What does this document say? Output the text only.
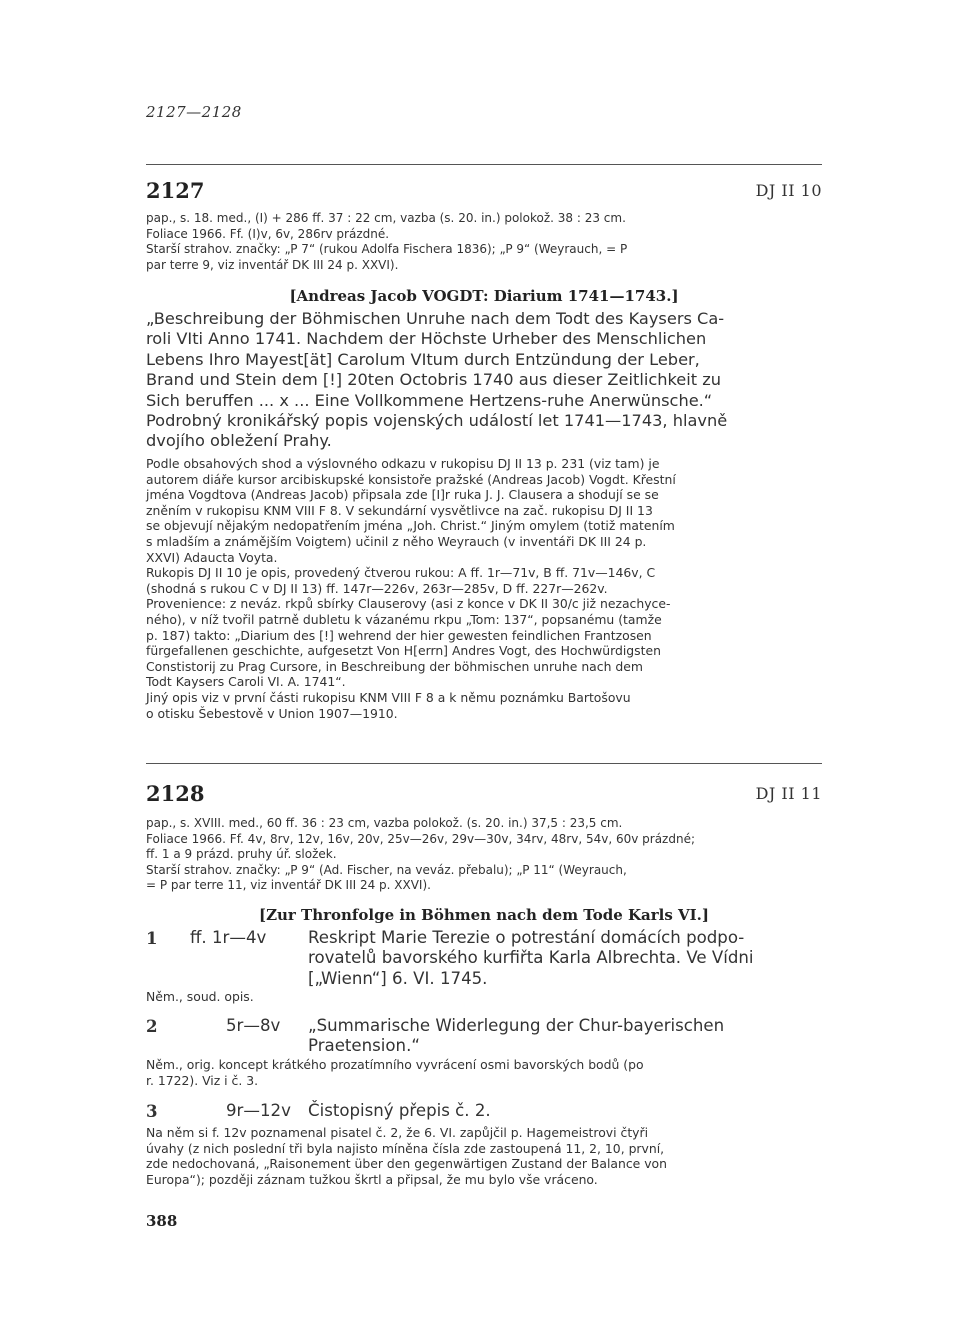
2127—2128
2127	DJ II 10
pap., s. 18. med., (I) + 286 ff. 37 : 22 cm, vazba (s. 20. in.) polokož. 38 : 23 cm.
Foliace 1966. Ff. (I)v, 6v, 286rv prázdné.
Starší strahov. značky: „P 7“ (rukou Adolfa Fischera 1836); „P 9“ (Weyrauch, = P
par terre 9, viz inventář DK III 24 p. XXVI).
[Andreas Jacob VOGDT: Diarium 1741—1743.]
„Beschreibung der Böhmischen Unruhe nach dem Todt des Kaysers Ca-
roli VIti Anno 1741. Nachdem der Höchste Urheber des Menschlichen
Lebens Ihro Mayest[ät] Carolum VItum durch Entzündung der Leber,
Brand und Stein dem [!] 20ten Octobris 1740 aus dieser Zeitlichkeit zu
Sich beruffen ... x ... Eine Vollkommene Hertzens-ruhe Anerwünsche.“
Podrobný kronikářský popis vojenských událostí let 1741—1743, hlavně
dvojího obležení Prahy.
Podle obsahových shod a výslovného odkazu v rukopisu DJ II 13 p. 231 (viz tam) je
autorem diáře kursor arcibiskupské konsistoře pražské (Andreas Jacob) Vogdt. Křestní
jména Vogdtova (Andreas Jacob) připsala zde [I]r ruka J. J. Clausera a shodují se se
zněním v rukopisu KNM VIII F 8. V sekundární vysvětlivce na zač. rukopisu DJ II 13
se objevují nějakým nedopatřením jména „Joh. Christ.“ Jiným omylem (totiž matením
s mladším a známějším Voigtem) učinil z něho Weyrauch (v inventáři DK III 24 p.
XXVI) Adaucta Voyta.
Rukopis DJ II 10 je opis, provedený čtverou rukou: A ff. 1r—71v, B ff. 71v—146v, C
(shodná s rukou C v DJ II 13) ff. 147r—226v, 263r—285v, D ff. 227r—262v.
Provenience: z neváz. rkpů sbírky Clauserovy (asi z konce v DK II 30/c již nezachyce-
ného), v níž tvořil patrně dubletu k vázanému rkpu „Tom: 137“, popsanému (tamže
p. 187) takto: „Diarium des [!] wehrend der hier gewesten feindlichen Frantzosen
fürgefallenen geschichte, aufgesetzt Von H[errn] Andres Vogt, des Hochwürdigsten
Constistorij zu Prag Cursore, in Beschreibung der böhmischen unruhe nach dem
Todt Kaysers Caroli VI. A. 1741“.
Jiný opis viz v první části rukopisu KNM VIII F 8 a k němu poznámku Bartošovu
o otisku Šebestově v Union 1907—1910.
2128	DJ II 11
pap., s. XVIII. med., 60 ff. 36 : 23 cm, vazba polokož. (s. 20. in.) 37,5 : 23,5 cm.
Foliace 1966. Ff. 4v, 8rv, 12v, 16v, 20v, 25v—26v, 29v—30v, 34rv, 48rv, 54v, 60v prázdné;
ff. 1 a 9 prázd. pruhy úř. složek.
Starší strahov. značky: „P 9“ (Ad. Fischer, na veváz. přebalu); „P 11“ (Weyrauch,
= P par terre 11, viz inventář DK III 24 p. XXVI).
[Zur Thronfolge in Böhmen nach dem Tode Karls VI.]
1 ff. 1r—4v	Reskript Marie Terezie o potrestání domácích podpo-
rovatelů bavorského kurfiřta Karla Albrechta. Ve Vídni
[„Wienn“] 6. VI. 1745.
Něm., soud. opis.
2	5r—8v „Summarische Widerlegung der Chur-bayerischen
Praetension.“
Něm., orig. koncept krátkého prozatímního vyvrácení osmi bavorských bodů (po
r. 1722). Viz i č. 3.
3	9r—12v Čistopisný přepis č. 2.
Na něm si f. 12v poznamenal pisatel č. 2, že 6. VI. zapůjčil p. Hagemeistrovi čtyři
úvahy (z nich poslední tři byla najisto míněna čísla zde zastoupená 11, 2, 10, první,
zde nedochovaná, „Raisonement über den gegenwärtigen Zustand der Balance von
Europa“); později záznam tužkou škrtl a připsal, že mu bylo vše vráceno.
388
